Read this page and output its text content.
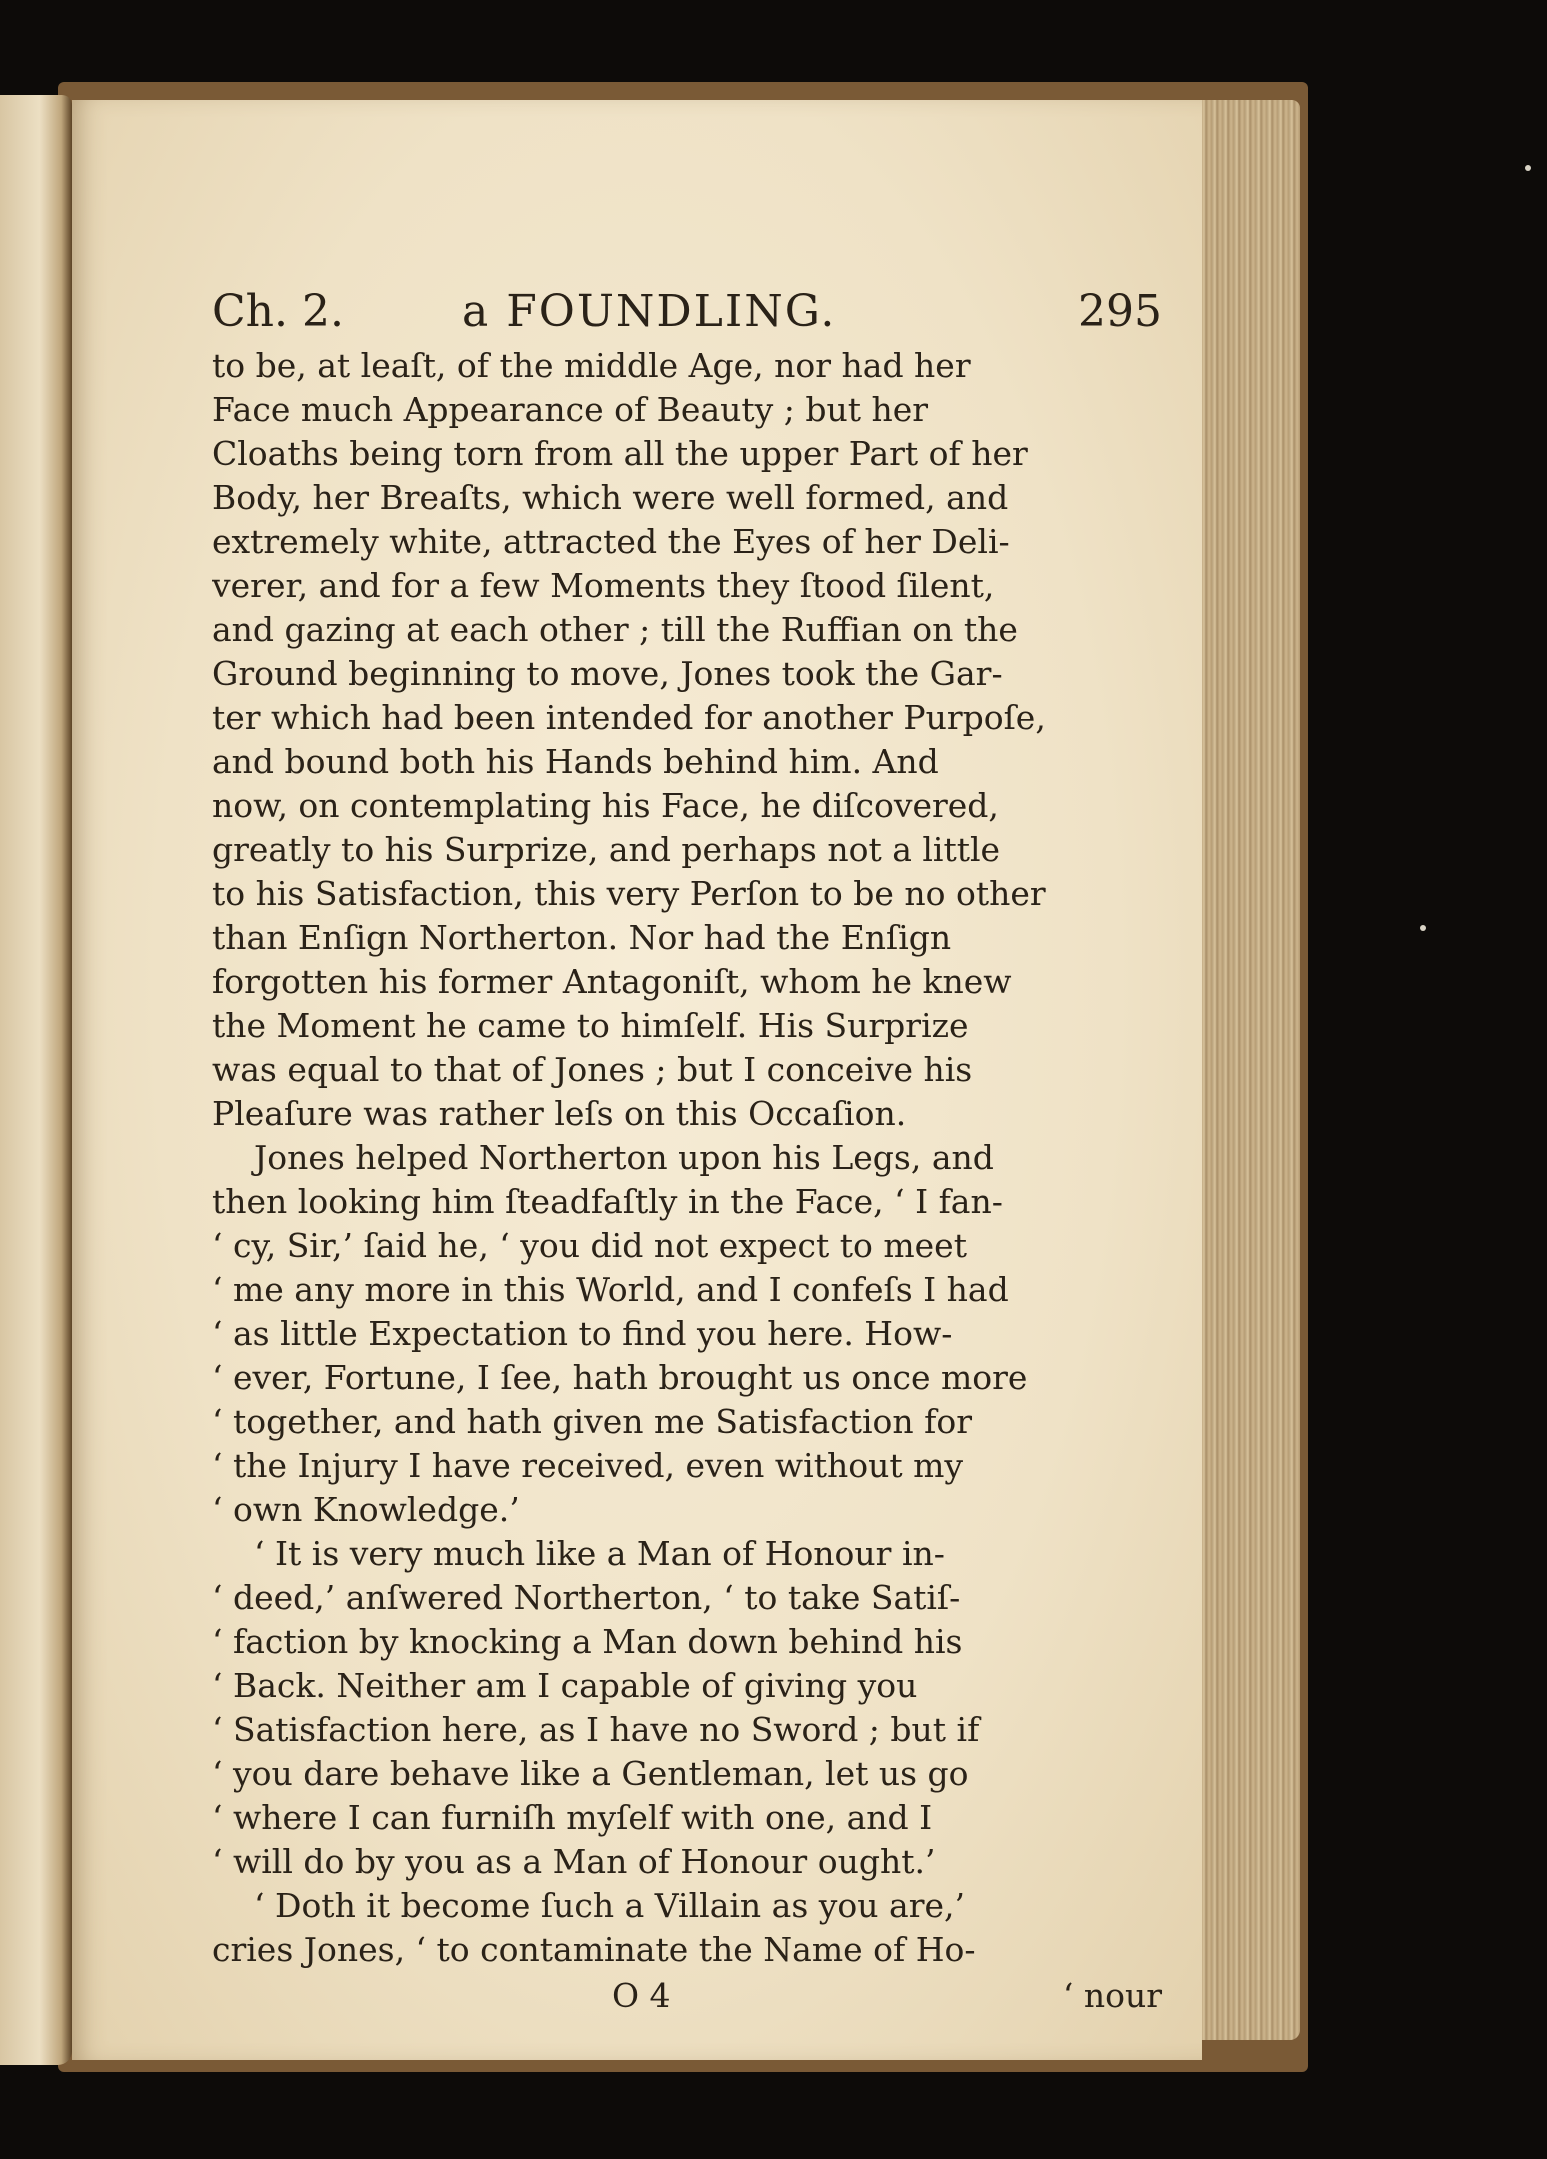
Ch. 2.	a FOUNDLING.	295
to be, at leaſt, of the middle Age, nor had her
Face much Appearance of Beauty ; but her
Cloaths being torn from all the upper Part of her
Body, her Breaſts, which were well formed, and
extremely white, attracted the Eyes of her Deli-
verer, and for a few Moments they ſtood ſilent,
and gazing at each other ; till the Ruffian on the
Ground beginning to move, Jones took the Gar-
ter which had been intended for another Purpoſe,
and bound both his Hands behind him. And
now, on contemplating his Face, he diſcovered,
greatly to his Surprize, and perhaps not a little
to his Satisfaction, this very Perſon to be no other
than Enſign Northerton. Nor had the Enſign
forgotten his former Antagoniſt, whom he knew
the Moment he came to himſelf. His Surprize
was equal to that of Jones ; but I conceive his
Pleaſure was rather leſs on this Occaſion.
Jones helped Northerton upon his Legs, and
then looking him ſteadfaſtly in the Face, ‘ I fan-
‘ cy, Sir,’ ſaid he, ‘ you did not expect to meet
‘ me any more in this World, and I confeſs I had
‘ as little Expectation to find you here. How-
‘ ever, Fortune, I ſee, hath brought us once more
‘ together, and hath given me Satisfaction for
‘ the Injury I have received, even without my
‘ own Knowledge.’
‘ It is very much like a Man of Honour in-
‘ deed,’ anſwered Northerton, ‘ to take Satiſ-
‘ faction by knocking a Man down behind his
‘ Back. Neither am I capable of giving you
‘ Satisfaction here, as I have no Sword ; but if
‘ you dare behave like a Gentleman, let us go
‘ where I can furniſh myſelf with one, and I
‘ will do by you as a Man of Honour ought.’
‘ Doth it become ſuch a Villain as you are,’
cries Jones, ‘ to contaminate the Name of Ho-
O 4	‘ nour
